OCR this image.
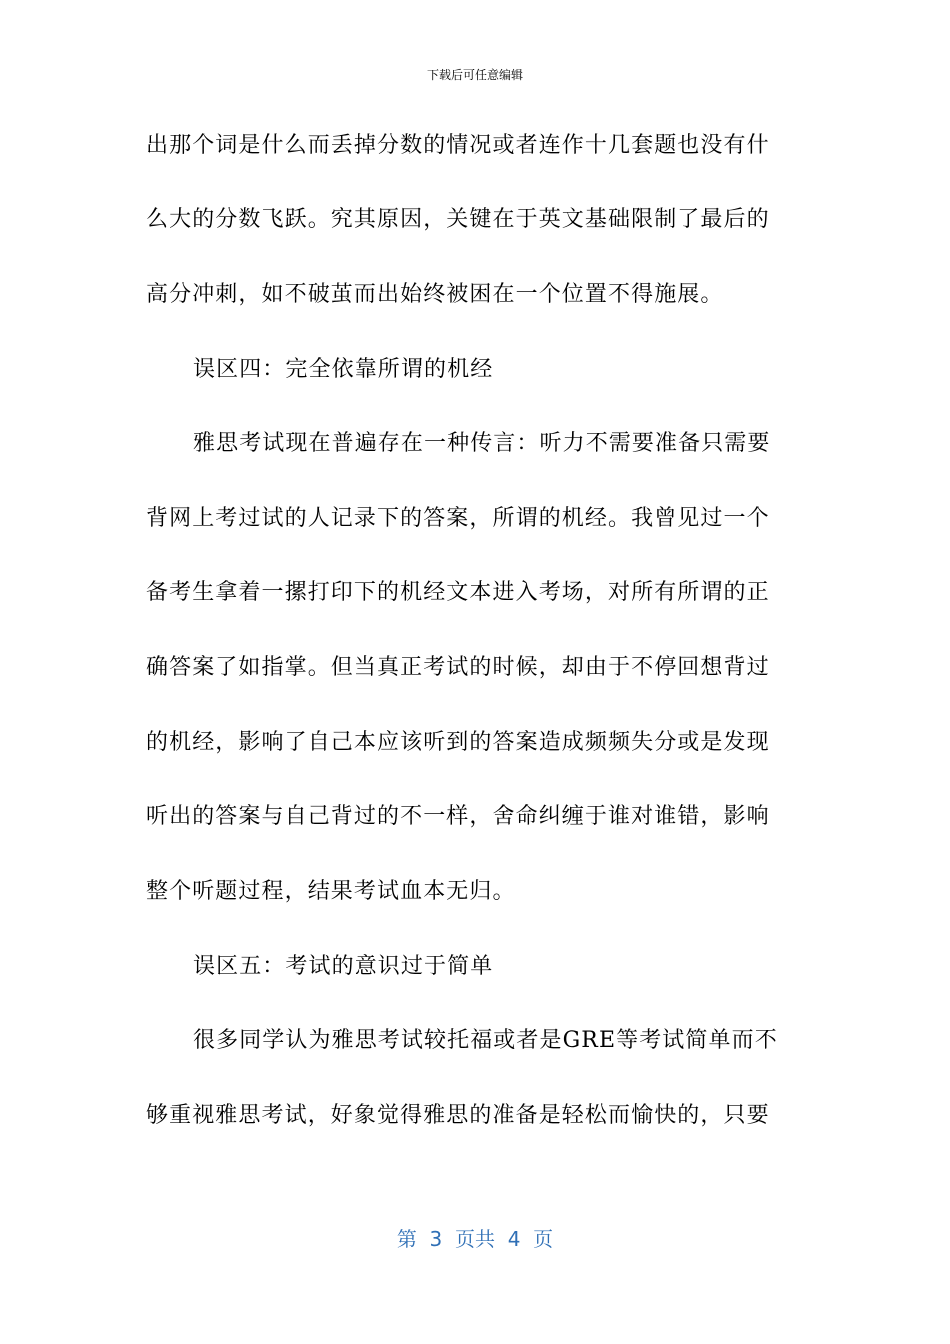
下载后可任意编辑
出那个词是什么而丢掉分数的情况或者连作十几套题也没有什
么大的分数飞跃。究其原因，关键在于英文基础限制了最后的
高分冲刺，如不破茧而出始终被困在一个位置不得施展。
误区四：完全依靠所谓的机经
雅思考试现在普遍存在一种传言：听力不需要准备只需要
背网上考过试的人记录下的答案，所谓的机经。我曾见过一个
备考生拿着一摞打印下的机经文本进入考场，对所有所谓的正
确答案了如指掌。但当真正考试的时候，却由于不停回想背过
的机经，影响了自己本应该听到的答案造成频频失分或是发现
听出的答案与自己背过的不一样，舍命纠缠于谁对谁错，影响
整个听题过程，结果考试血本无归。
误区五：考试的意识过于简单
很多同学认为雅思考试较托福或者是GRE等考试简单而不
够重视雅思考试，好象觉得雅思的准备是轻松而愉快的，只要
第  3  页共  4  页
